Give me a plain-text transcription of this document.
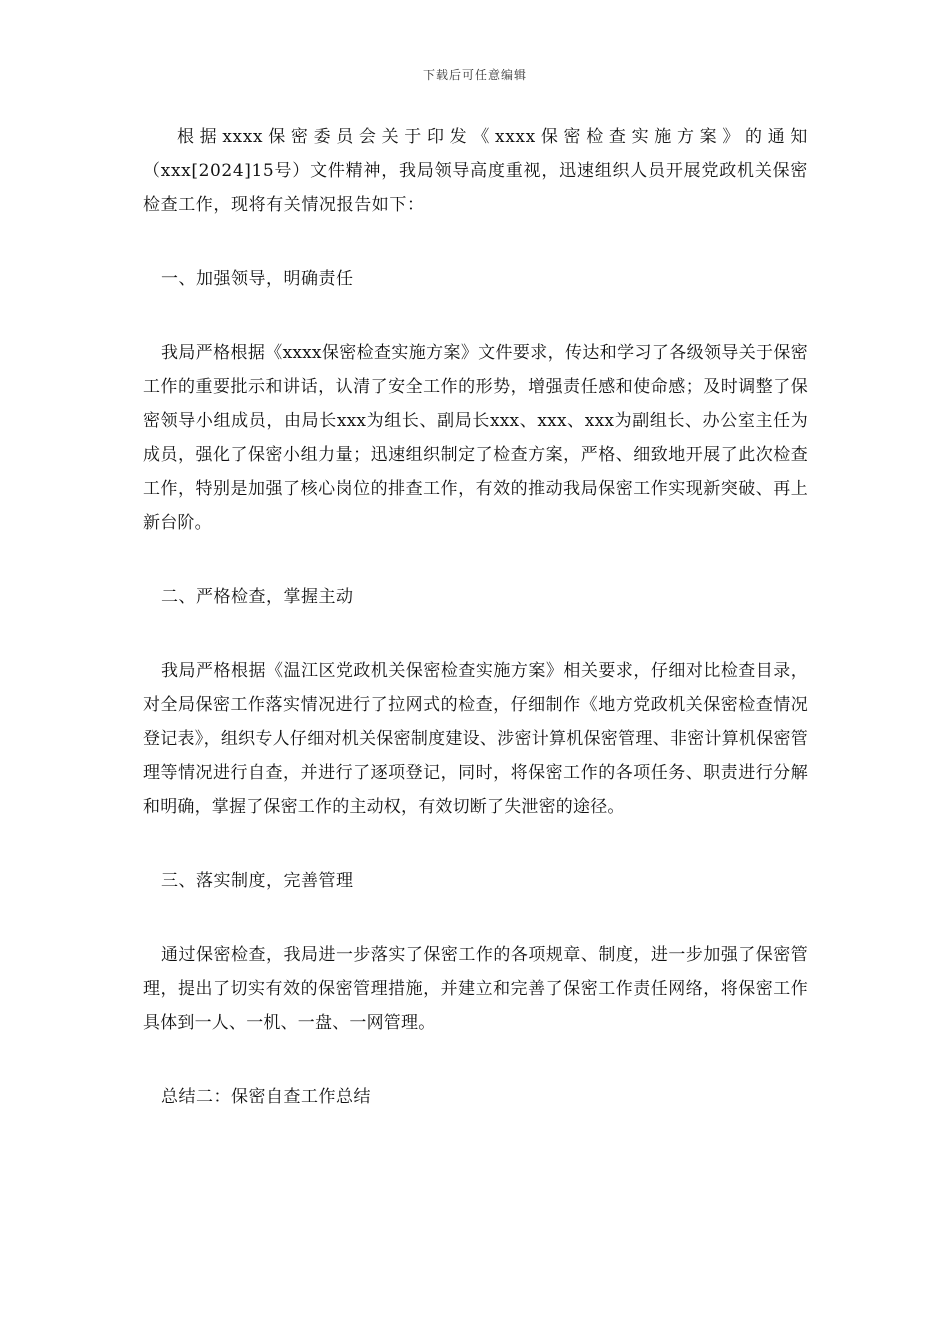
下载后可任意编辑

根据xxxx保密委员会关于印发《xxxx保密检查实施方案》的通知（xxx[2024]15号）文件精神，我局领导高度重视，迅速组织人员开展党政机关保密检查工作，现将有关情况报告如下：

一、加强领导，明确责任

我局严格根据《xxxx保密检查实施方案》文件要求，传达和学习了各级领导关于保密工作的重要批示和讲话，认清了安全工作的形势，增强责任感和使命感；及时调整了保密领导小组成员，由局长xxx为组长、副局长xxx、xxx、xxx为副组长、办公室主任为成员，强化了保密小组力量；迅速组织制定了检查方案，严格、细致地开展了此次检查工作，特别是加强了核心岗位的排查工作，有效的推动我局保密工作实现新突破、再上新台阶。

二、严格检查，掌握主动

我局严格根据《温江区党政机关保密检查实施方案》相关要求，仔细对比检查目录，对全局保密工作落实情况进行了拉网式的检查，仔细制作《地方党政机关保密检查情况登记表》，组织专人仔细对机关保密制度建设、涉密计算机保密管理、非密计算机保密管理等情况进行自查，并进行了逐项登记，同时，将保密工作的各项任务、职责进行分解和明确，掌握了保密工作的主动权，有效切断了失泄密的途径。

三、落实制度，完善管理

通过保密检查，我局进一步落实了保密工作的各项规章、制度，进一步加强了保密管理，提出了切实有效的保密管理措施，并建立和完善了保密工作责任网络，将保密工作具体到一人、一机、一盘、一网管理。

总结二：保密自查工作总结
